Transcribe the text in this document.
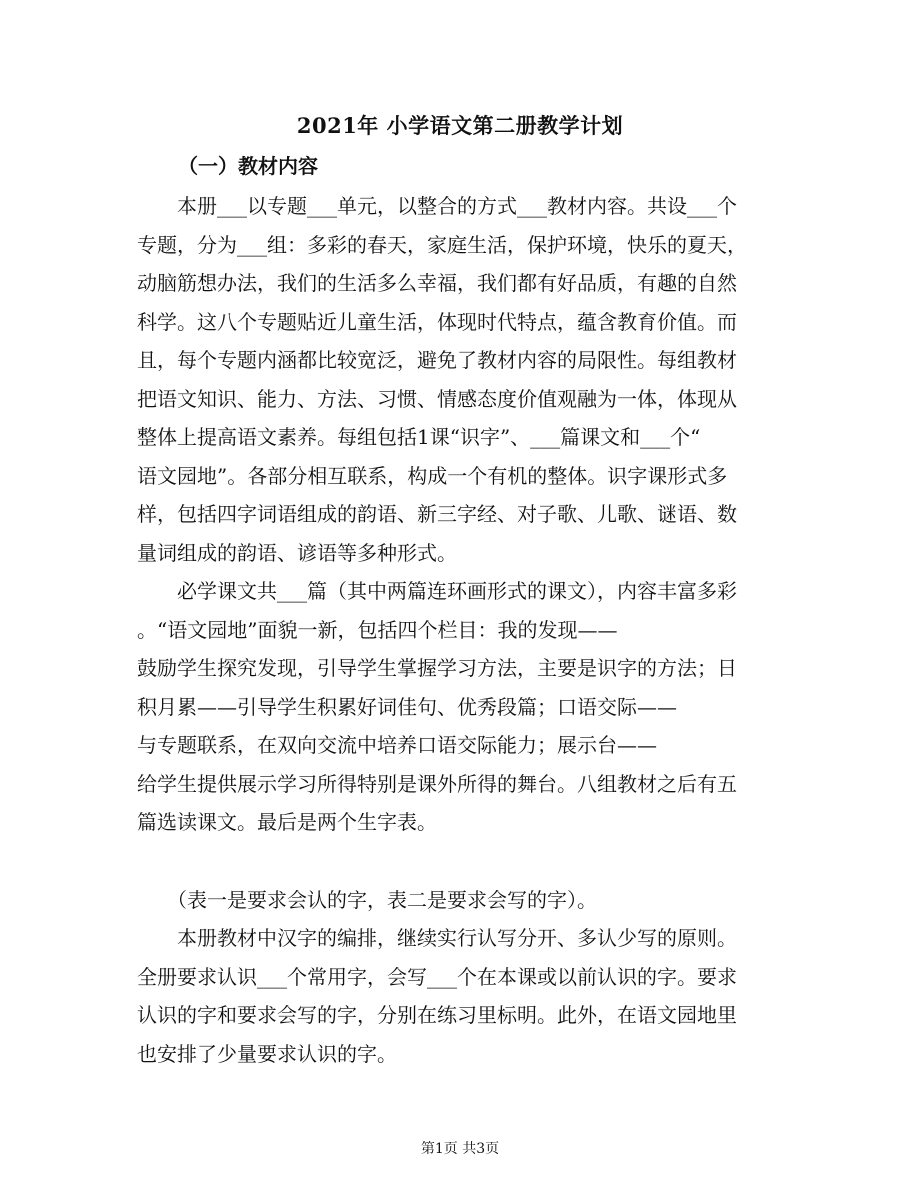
2021年 小学语文第二册教学计划
（一）教材内容

　　本册___以专题___单元，以整合的方式___教材内容。共设___个
专题，分为___组：多彩的春天，家庭生活，保护环境，快乐的夏天，
动脑筋想办法，我们的生活多么幸福，我们都有好品质，有趣的自然
科学。这八个专题贴近儿童生活，体现时代特点，蕴含教育价值。而
且，每个专题内涵都比较宽泛，避免了教材内容的局限性。每组教材
把语文知识、能力、方法、习惯、情感态度价值观融为一体，体现从
整体上提高语文素养。每组包括1课“识字”、___篇课文和___个“
语文园地”。各部分相互联系，构成一个有机的整体。识字课形式多
样，包括四字词语组成的韵语、新三字经、对子歌、儿歌、谜语、数
量词组成的韵语、谚语等多种形式。

　　必学课文共___篇（其中两篇连环画形式的课文），内容丰富多彩
。“语文园地”面貌一新，包括四个栏目：我的发现——
鼓励学生探究发现，引导学生掌握学习方法，主要是识字的方法；日
积月累——引导学生积累好词佳句、优秀段篇；口语交际——
与专题联系，在双向交流中培养口语交际能力；展示台——
给学生提供展示学习所得特别是课外所得的舞台。八组教材之后有五
篇选读课文。最后是两个生字表。

　　（表一是要求会认的字，表二是要求会写的字）。

　　本册教材中汉字的编排，继续实行认写分开、多认少写的原则。
全册要求认识___个常用字，会写___个在本课或以前认识的字。要求
认识的字和要求会写的字，分别在练习里标明。此外，在语文园地里
也安排了少量要求认识的字。

第1页 共3页
